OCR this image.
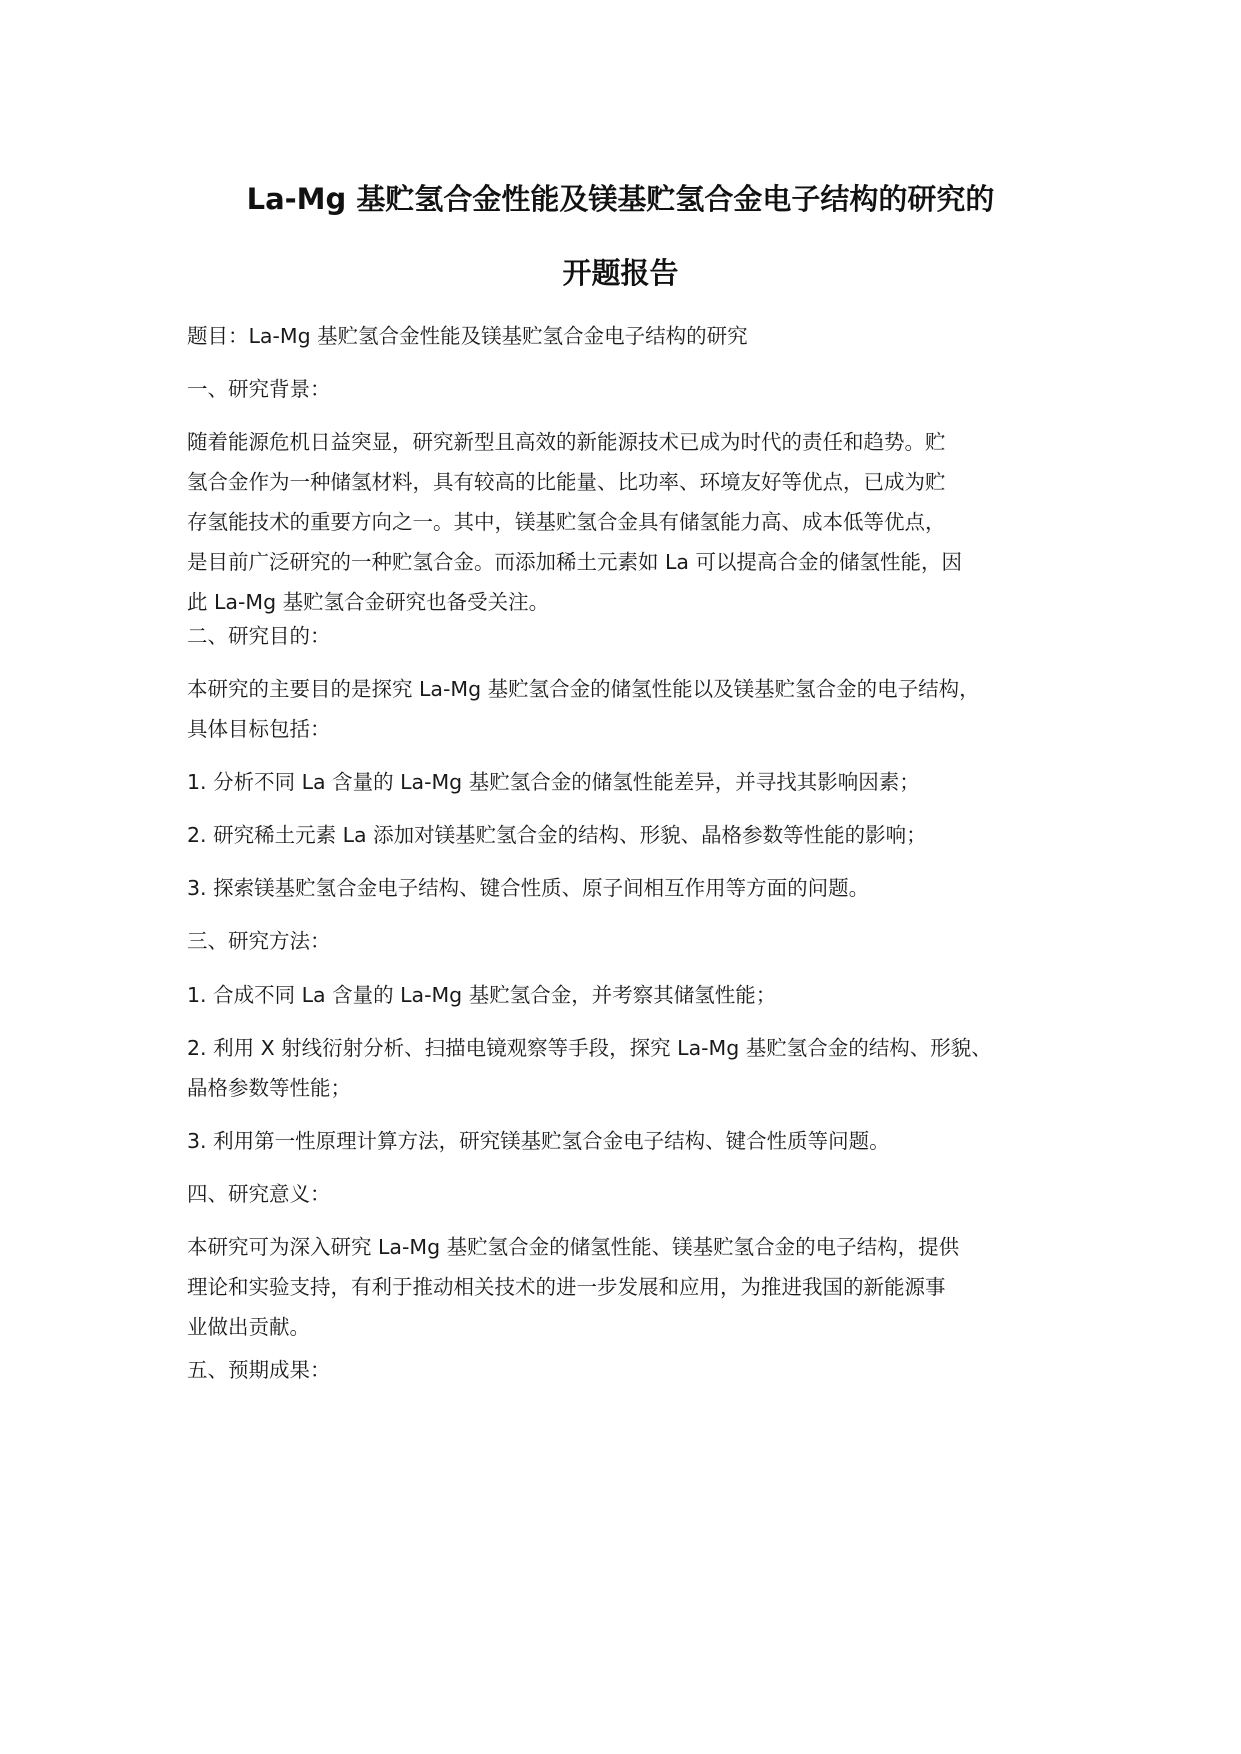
La-Mg 基贮氢合金性能及镁基贮氢合金电子结构的研究的
开题报告
题目：La-Mg 基贮氢合金性能及镁基贮氢合金电子结构的研究
一、研究背景：
随着能源危机日益突显，研究新型且高效的新能源技术已成为时代的责任和趋势。贮
氢合金作为一种储氢材料，具有较高的比能量、比功率、环境友好等优点，已成为贮
存氢能技术的重要方向之一。其中，镁基贮氢合金具有储氢能力高、成本低等优点，
是目前广泛研究的一种贮氢合金。而添加稀土元素如 La 可以提高合金的储氢性能，因
此 La-Mg 基贮氢合金研究也备受关注。
二、研究目的：
本研究的主要目的是探究 La-Mg 基贮氢合金的储氢性能以及镁基贮氢合金的电子结构，
具体目标包括：
1. 分析不同 La 含量的 La-Mg 基贮氢合金的储氢性能差异，并寻找其影响因素；
2. 研究稀土元素 La 添加对镁基贮氢合金的结构、形貌、晶格参数等性能的影响；
3. 探索镁基贮氢合金电子结构、键合性质、原子间相互作用等方面的问题。
三、研究方法：
1. 合成不同 La 含量的 La-Mg 基贮氢合金，并考察其储氢性能；
2. 利用 X 射线衍射分析、扫描电镜观察等手段，探究 La-Mg 基贮氢合金的结构、形貌、
晶格参数等性能；
3. 利用第一性原理计算方法，研究镁基贮氢合金电子结构、键合性质等问题。
四、研究意义：
本研究可为深入研究 La-Mg 基贮氢合金的储氢性能、镁基贮氢合金的电子结构，提供
理论和实验支持，有利于推动相关技术的进一步发展和应用，为推进我国的新能源事
业做出贡献。
五、预期成果：
